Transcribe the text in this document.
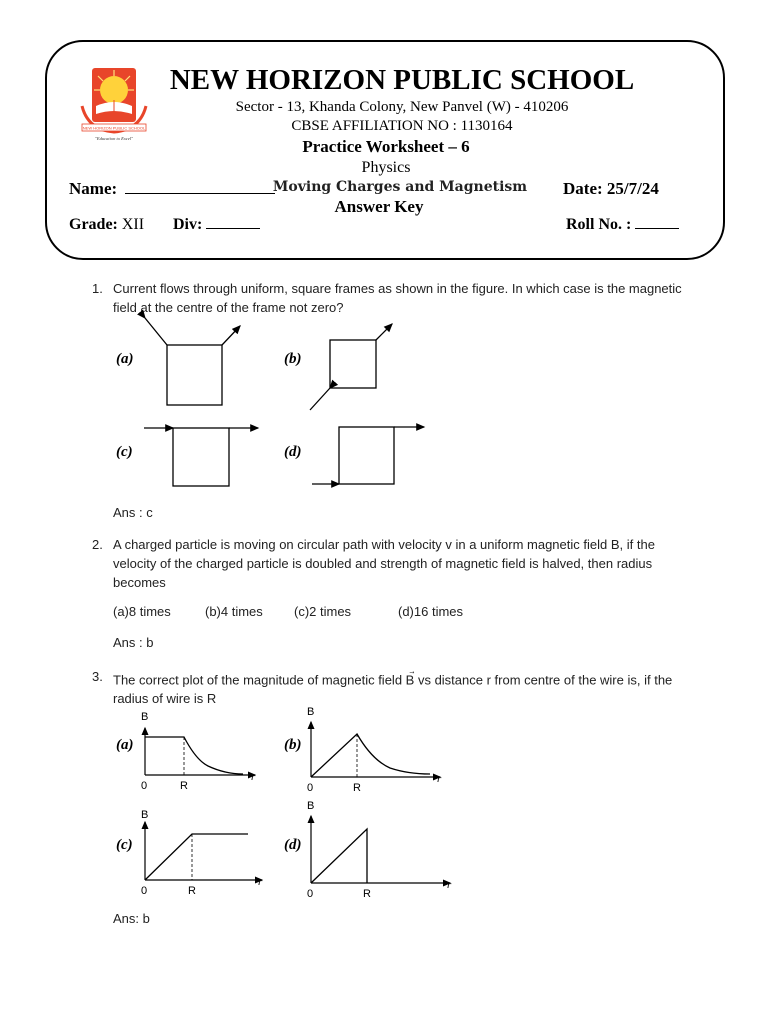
NEW HORIZON PUBLIC SCHOOL
"Education to Excel"
NEW HORIZON PUBLIC SCHOOL
Sector - 13, Khanda Colony, New Panvel (W) - 410206
CBSE AFFILIATION NO : 1130164
Practice Worksheet – 6
Physics
Moving Charges and Magnetism
Answer Key
Name:	Date: 25/7/24
Grade: XII Div:	Roll No. :
1. Current flows through uniform, square frames as shown in the figure. In which case is the magnetic field at the centre of the frame not zero?
(a)	(b)
(c)	(d)
Ans : c
2. A charged particle is moving on circular path with velocity v in a uniform magnetic field B, if the velocity of the charged particle is doubled and strength of magnetic field is halved, then radius becomes
(a)8 times	(b)4 times (c)2 times	(d)16 times
Ans : b
3. The correct plot of the magnitude of magnetic field B vs distance r from centre of the wire is, if the radius of wire is R
(a)	(b)
(c)	(d)
B
r
0	R
B
r
0	R
B
r
0	R
B
r
0	R
Ans: b
